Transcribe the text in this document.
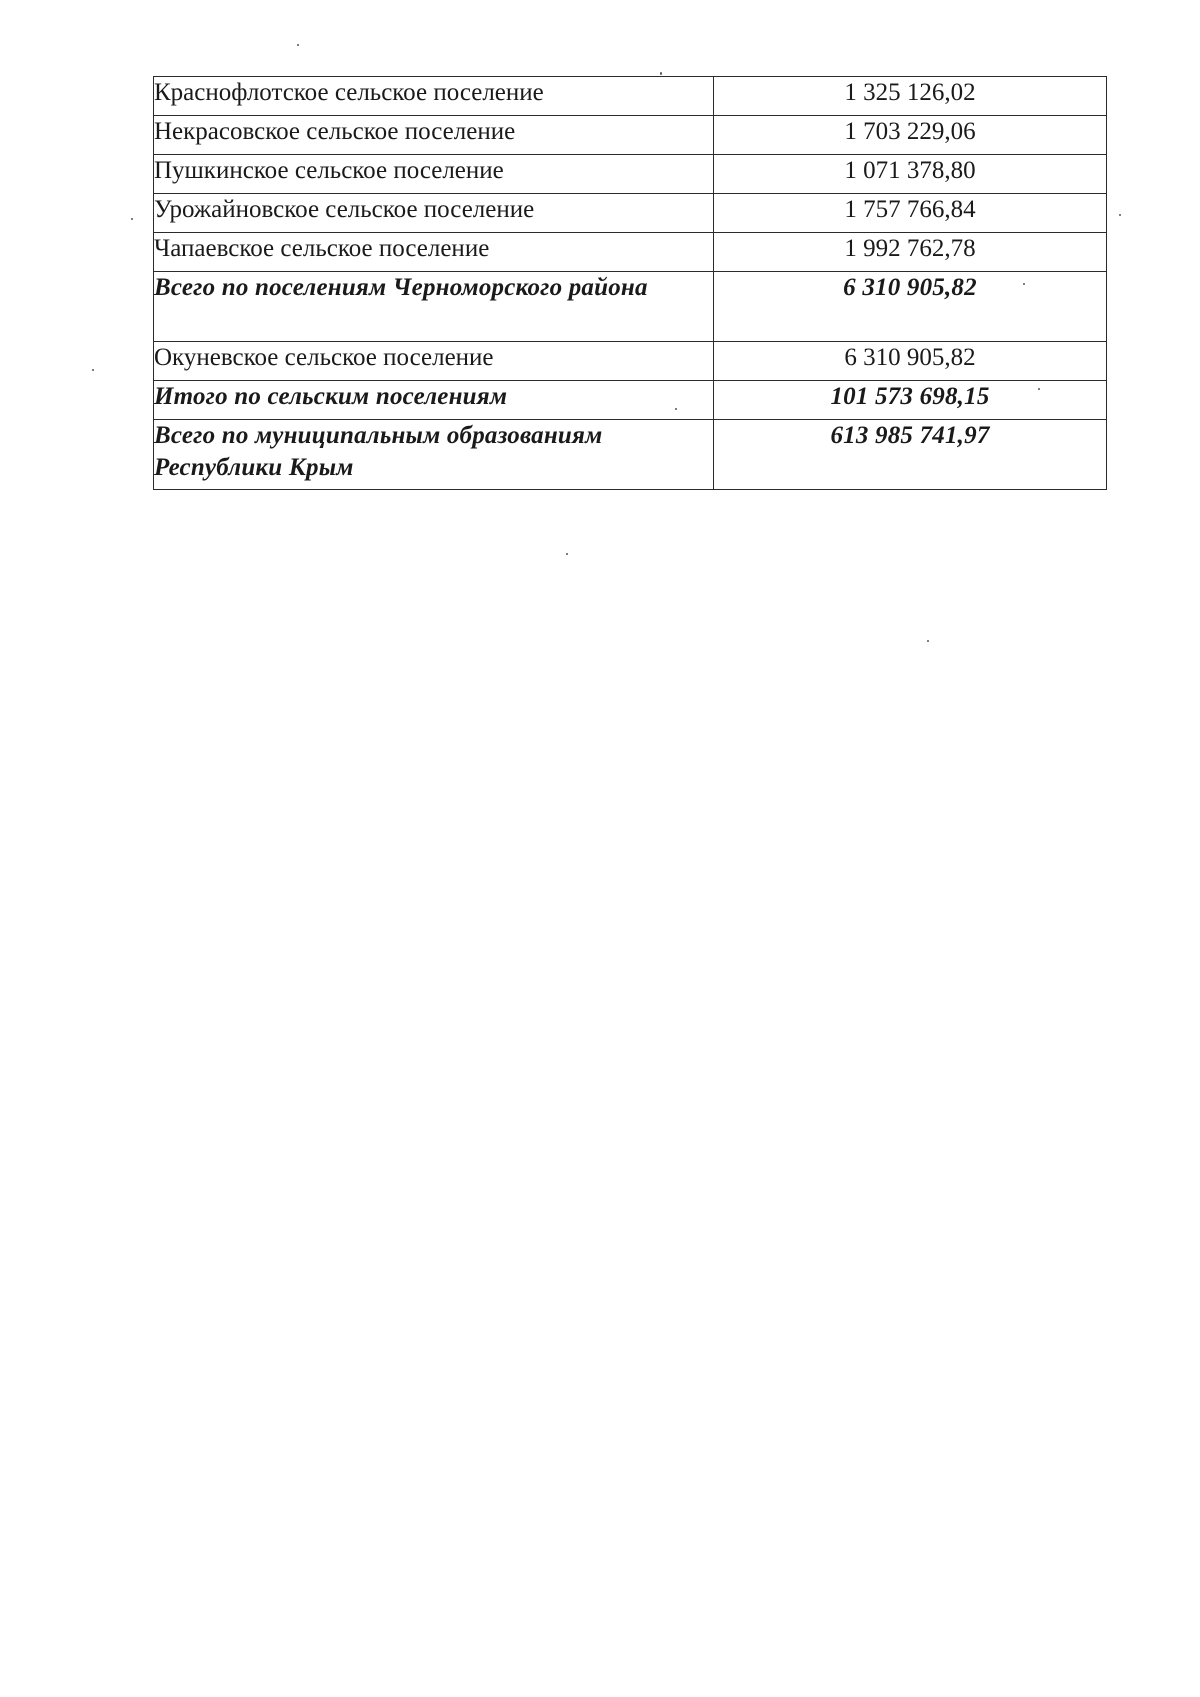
Краснофлотское сельское поселение	1 325 126,02
Некрасовское сельское поселение	1 703 229,06
Пушкинское сельское поселение	1 071 378,80
Урожайновское сельское поселение	1 757 766,84
Чапаевское сельское поселение	1 992 762,78
Всего по поселениям Черноморского района	6 310 905,82
Окуневское сельское поселение	6 310 905,82
Итого по сельским поселениям	101 573 698,15
Всего по муниципальным образованиям Республики Крым	613 985 741,97
